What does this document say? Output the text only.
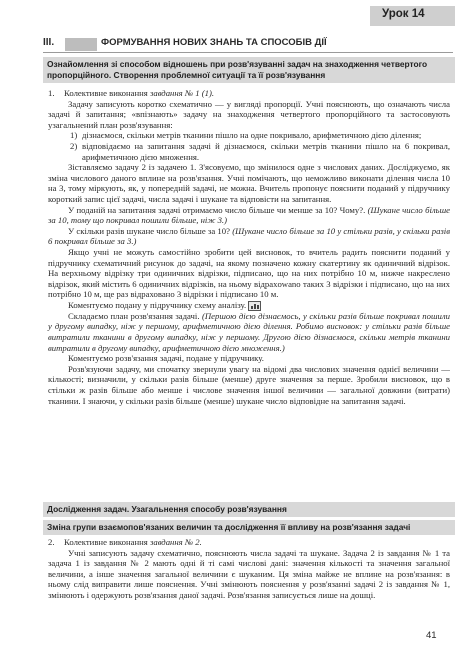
Урок 14
III.	ФОРМУВАННЯ НОВИХ ЗНАНЬ ТА СПОСОБІВ ДІЇ
Ознайомлення зі способом відношень при розв'язуванні задач на знаходження четвертого пропорційного. Створення проблемної ситуації та її розв'язування

1. Колективне виконання завдання № 1 (1).

Задачу записують коротко схематично — у вигляді пропорції. Учні пояснюють, що означають числа задачі й запитання; «впізнають» задачу на знаходження четвертого пропорційного та застосовують узагальнений план розв'язування:

1) дізнаємося, скільки метрів тканини пішло на одне покривало, арифметичною дією ділення;

2) відповідаємо на запитання задачі й дізнаємося, скільки метрів тканини пішло на 6 покривал, арифметичною дією множення.

Зіставляємо задачу 2 із задачею 1. З'ясовуємо, що змінилося одне з числових даних. Досліджуємо, як зміна числового даного вплине на розв'язання. Учні помічають, що неможливо виконати ділення числа 10 на 3, тому міркують, як, у попередній задачі, не можна. Вчитель пропонує пояснити поданий у підручнику короткий запис цієї задачі, числа задачі і шукане та відповісти на запитання.

У поданій на запитання задачі отримаємо число більше чи менше за 10? Чому?. (Шукане число більше за 10, тому що покривал пошили більше, ніж 3.)

У скільки разів шукане число більше за 10? (Шукане число більше за 10 у стільки разів, у скільки разів 6 покривал більше за 3.)

Якщо учні не можуть самостійно зробити цей висновок, то вчитель радить пояснити поданий у підручнику схематичний рисунок до задачі, на якому позначено кожну скатертину як одиничний відрізок. На верхньому відрізку три одиничних відрізки, підписано, що на них потрібно 10 м, нижче накреслено відрізок, який містить 6 одиничних відрізків, на ньому відрахowano таких 3 відрізки і підписано, що на них потрібно 10 м, ще раз відраховано 3 відрізки і підписано 10 м.

Коментуємо подану у підручнику схему аналізу.

Складаємо план розв'язання задачі. (Першою дією дізнаємось, у скільки разів більше покривал пошили у другому випадку, ніж у першому, арифметичною дією ділення. Робимо висновок: у стільки разів більше витратили тканини в другому випадку, ніж у першому. Другою дією дізнаємося, скільки метрів тканини витратили в другому випадку, арифметичною дією множення.)

Коментуємо розв'язання задачі, подане у підручнику.

Розв'язуючи задачу, ми спочатку звернули увагу на відомі два числових значення однієї величини — кількості; визначили, у скільки разів більше (менше) друге значення за перше. Зробили висновок, що в стільки ж разів більше або менше і числове значення іншої величини — загальної довжини (витрати) тканини. І знаючи, у скільки разів більше (менше) шукане число відповідне на запитання задачі.

Дослідження задач. Узагальнення способу розв'язування
Зміна групи взаємопов'язаних величин та дослідження її впливу на розв'язання задачі

2. Колективне виконання завдання № 2.

Учні записують задачу схематично, пояснюють числа задачі та шукане. Задача 2 із завдання № 1 та задача 1 із завдання № 2 мають одні й ті самі числові дані: значення кількості та значення загальної величини, а інше значення загальної величини є шуканим. Ця зміна майже не вплине на розв'язання: в ньому слід виправити лише пояснення. Учні змінюють пояснення у розв'язанні задачі 2 із завдання № 1, змінюють і одержують розв'язання даної задачі. Розв'язання записується лише на дошці.

41
